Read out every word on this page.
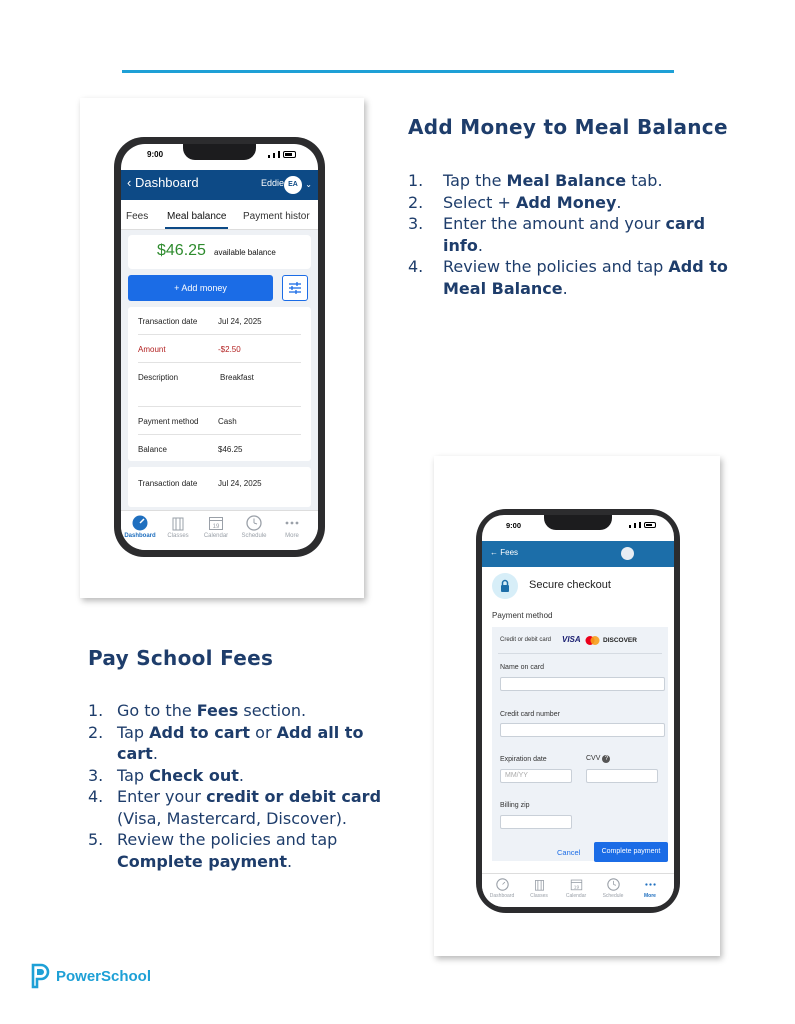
Add Money to Meal Balance
1. Tap the Meal Balance tab.
2. Select + Add Money.
3. Enter the amount and your card info.
4. Review the policies and tap Add to Meal Balance.
9:00
‹ Dashboard	Eddie EA ⌄
Fees Meal balance Payment histor
$46.25 available balance
+ Add money
Transaction date	Jul 24, 2025
Amount	-$2.50
Description	Breakfast
Payment method Cash
Balance	$46.25
Transaction date	Jul 24, 2025
Dashboard	Classes
19
Calendar	Schedule	More
Pay School Fees
1. Go to the Fees section.
2. Tap Add to cart or Add all to cart.
3. Tap Check out.
4. Enter your credit or debit card (Visa, Mastercard, Discover).
5. Review the policies and tap Complete payment.
9:00
← Fees
Secure checkout
Payment method
Credit or debit card VISA	DISCOVER
Name on card
Credit card number
Expiration date
MM/YY
CVV ?
Billing zip
Cancel	Complete payment
Dashboard	Classes
19
Calendar	Schedule	More
PowerSchool
